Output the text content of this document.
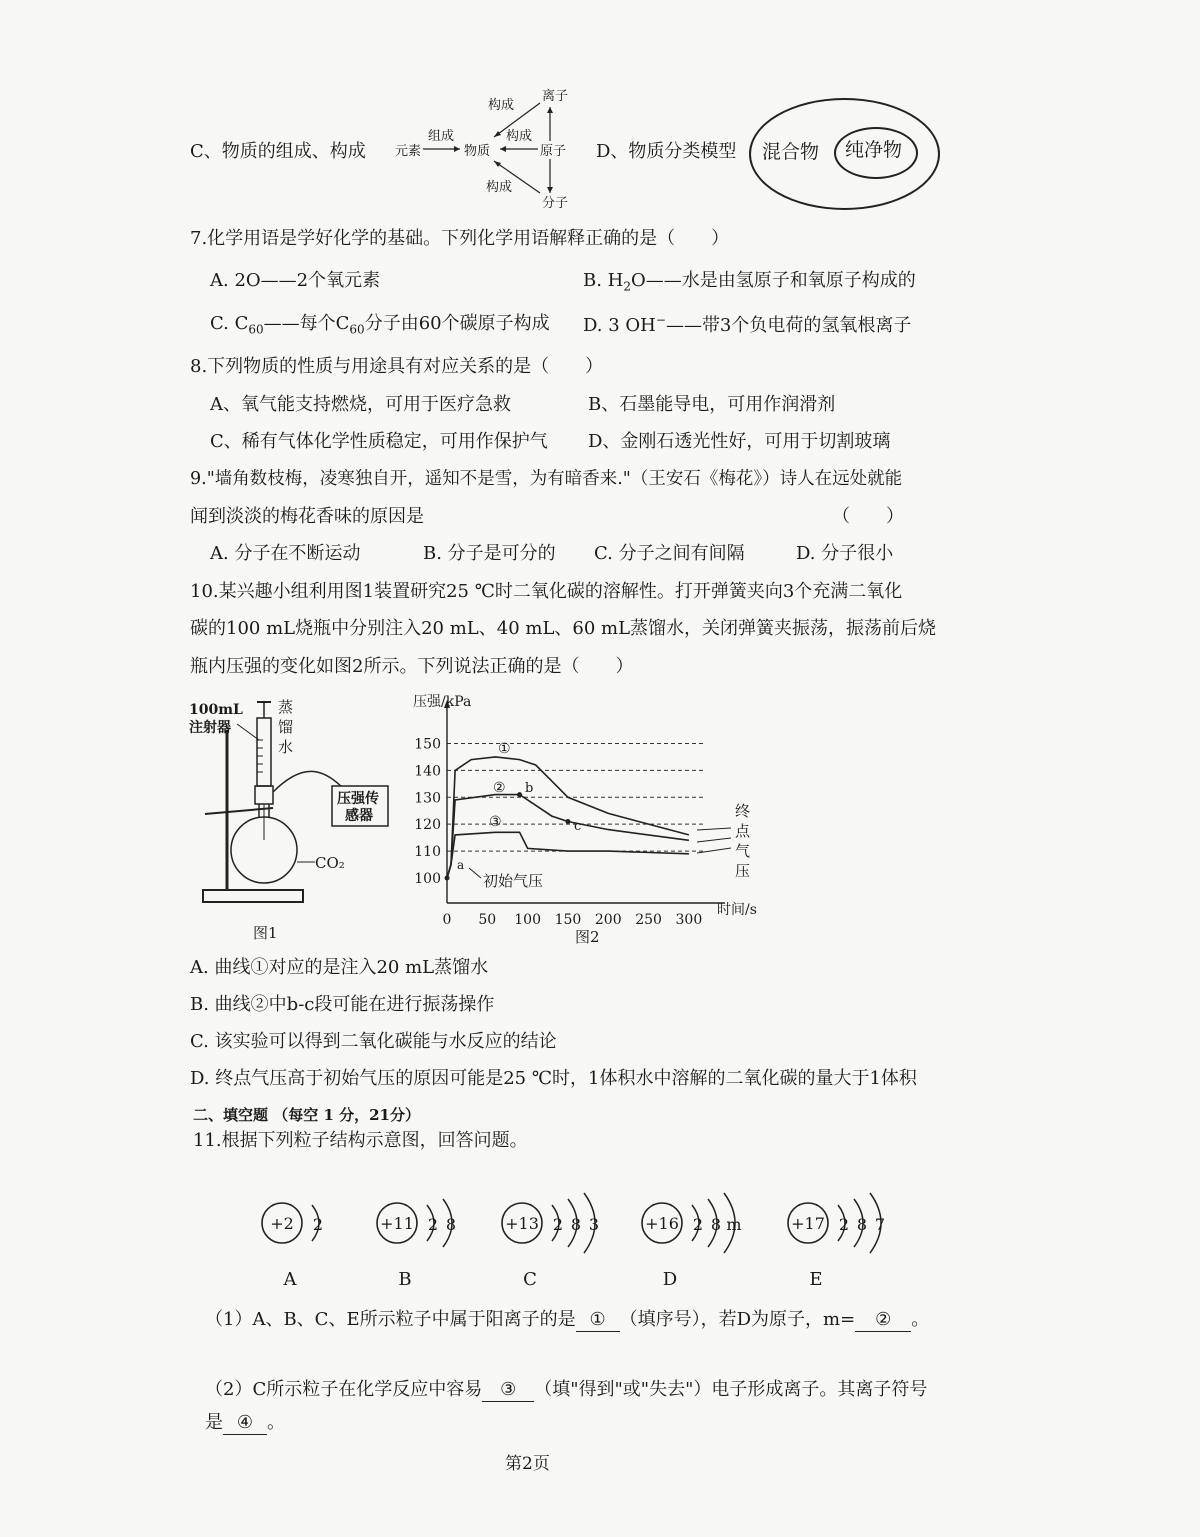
C、物质的组成、构成 元素
组成
物质	原子
构成
离子
分子
构成
构成
D、物质分类模型 混合物 纯净物
7.化学用语是学好化学的基础。下列化学用语解释正确的是（　　）
A. 2O——2个氧元素	B. $H_2O——$水是由氢原子和氧原子构成的
C. $C_{60}——$每个$C_{60}$分子由60个碳原子构成 D. 3 OH−——带3个负电荷的氢氧根离子
8.下列物质的性质与用途具有对应关系的是（　　）
A、氧气能支持燃烧，可用于医疗急救	B、石墨能导电，可用作润滑剂
C、稀有气体化学性质稳定，可用作保护气 D、金刚石透光性好，可用于切割玻璃
9."墙角数枝梅，凌寒独自开，遥知不是雪，为有暗香来."（王安石《梅花》）诗人在远处就能
闻到淡淡的梅花香味的原因是	（　　）
A. 分子在不断运动	B. 分子是可分的 C. 分子之间有间隔	D. 分子很小
10.某兴趣小组利用图1装置研究25 ℃时二氧化碳的溶解性。打开弹簧夹向3个充满二氧化
碳的100 mL烧瓶中分别注入20 mL、40 mL、60 mL蒸馏水，关闭弹簧夹振荡，振荡前后烧
瓶内压强的变化如图2所示。下列说法正确的是（　　）
100mL
注射器
蒸
馏
水
压强传
感器
CO₂
图1
100
110
120
130
140
150
0 50 100 150 200 250 300
压强/kPa
时间/s
图2
初始气压
a
①
②
③
b
c
终
点
气
压
A. 曲线①对应的是注入20 mL蒸馏水
B. 曲线②中b-c段可能在进行振荡操作
C. 该实验可以得到二氧化碳能与水反应的结论
D. 终点气压高于初始气压的原因可能是25 ℃时，1体积水中溶解的二氧化碳的量大于1体积
二、填空题 （每空 1 分，21分）
11.根据下列粒子结构示意图，回答问题。
+2 2
A
+11 2 8
B
+13 2 8 3
C
+16 2 8 m
D
+17 2 8 7
E
（1）A、B、C、E所示粒子中属于阳离子的是 ① （填序号），若D为原子，m= ② 。
（2）C所示粒子在化学反应中容易 ③ （填"得到"或"失去"）电子形成离子。其离子符号
是 ④ 。
第2页
